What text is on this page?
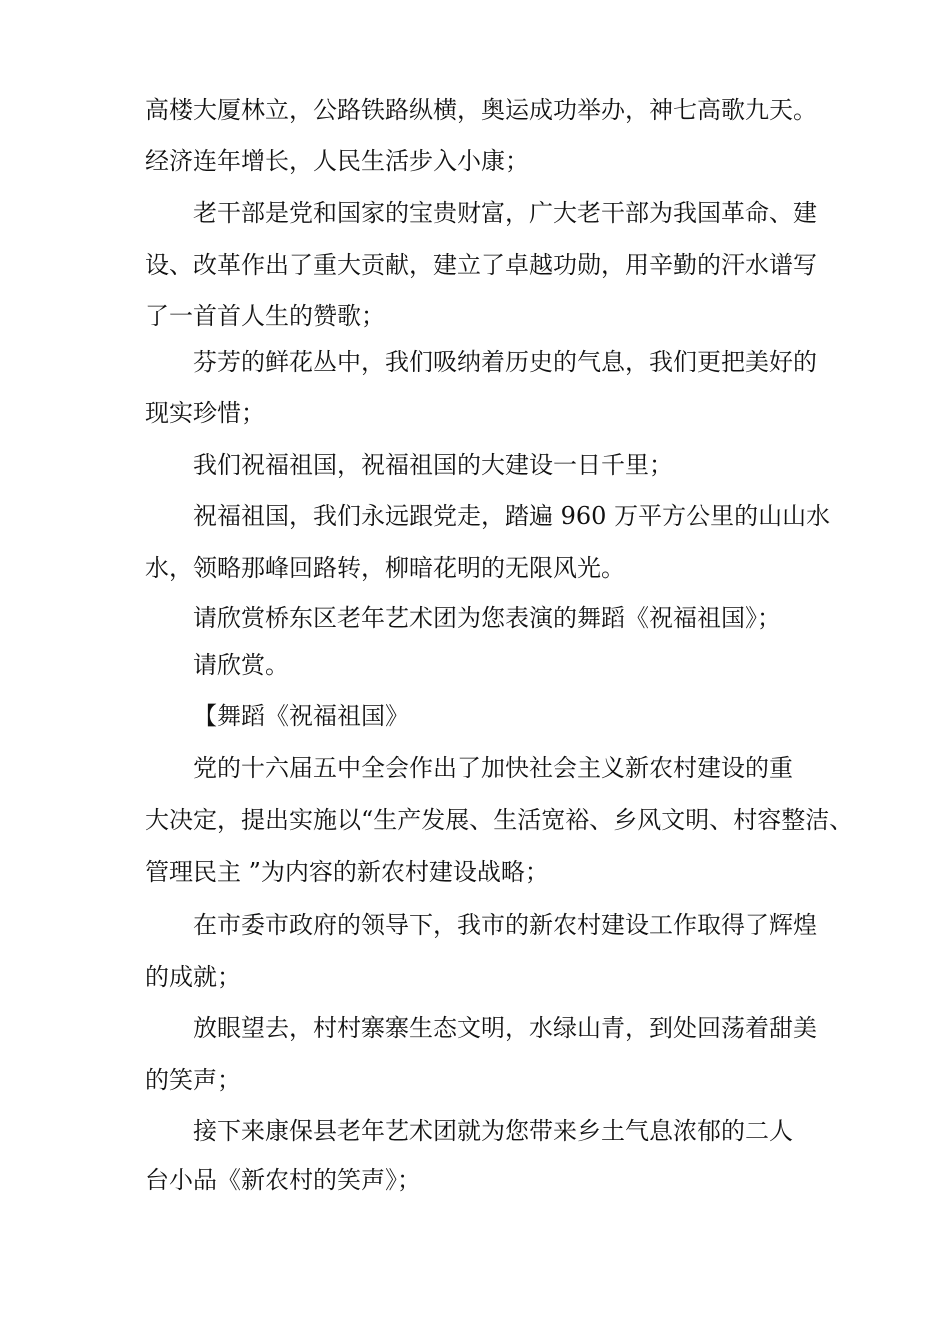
高楼大厦林立，公路铁路纵横，奥运成功举办，神七高歌九天。
经济连年增长，人民生活步入小康；
老干部是党和国家的宝贵财富，广大老干部为我国革命、建
设、改革作出了重大贡献，建立了卓越功勋，用辛勤的汗水谱写
了一首首人生的赞歌；
芬芳的鲜花丛中，我们吸纳着历史的气息，我们更把美好的
现实珍惜；
我们祝福祖国，祝福祖国的大建设一日千里；
祝福祖国，我们永远跟党走，踏遍 960 万平方公里的山山水
水，领略那峰回路转，柳暗花明的无限风光。
请欣赏桥东区老年艺术团为您表演的舞蹈《祝福祖国》；
请欣赏。
【舞蹈《祝福祖国》
党的十六届五中全会作出了加快社会主义新农村建设的重
大决定，提出实施以“生产发展、生活宽裕、乡风文明、村容整洁、
管理民主 ”为内容的新农村建设战略；
在市委市政府的领导下，我市的新农村建设工作取得了辉煌
的成就；
放眼望去，村村寨寨生态文明，水绿山青，到处回荡着甜美
的笑声；
接下来康保县老年艺术团就为您带来乡土气息浓郁的二人
台小品《新农村的笑声》；
